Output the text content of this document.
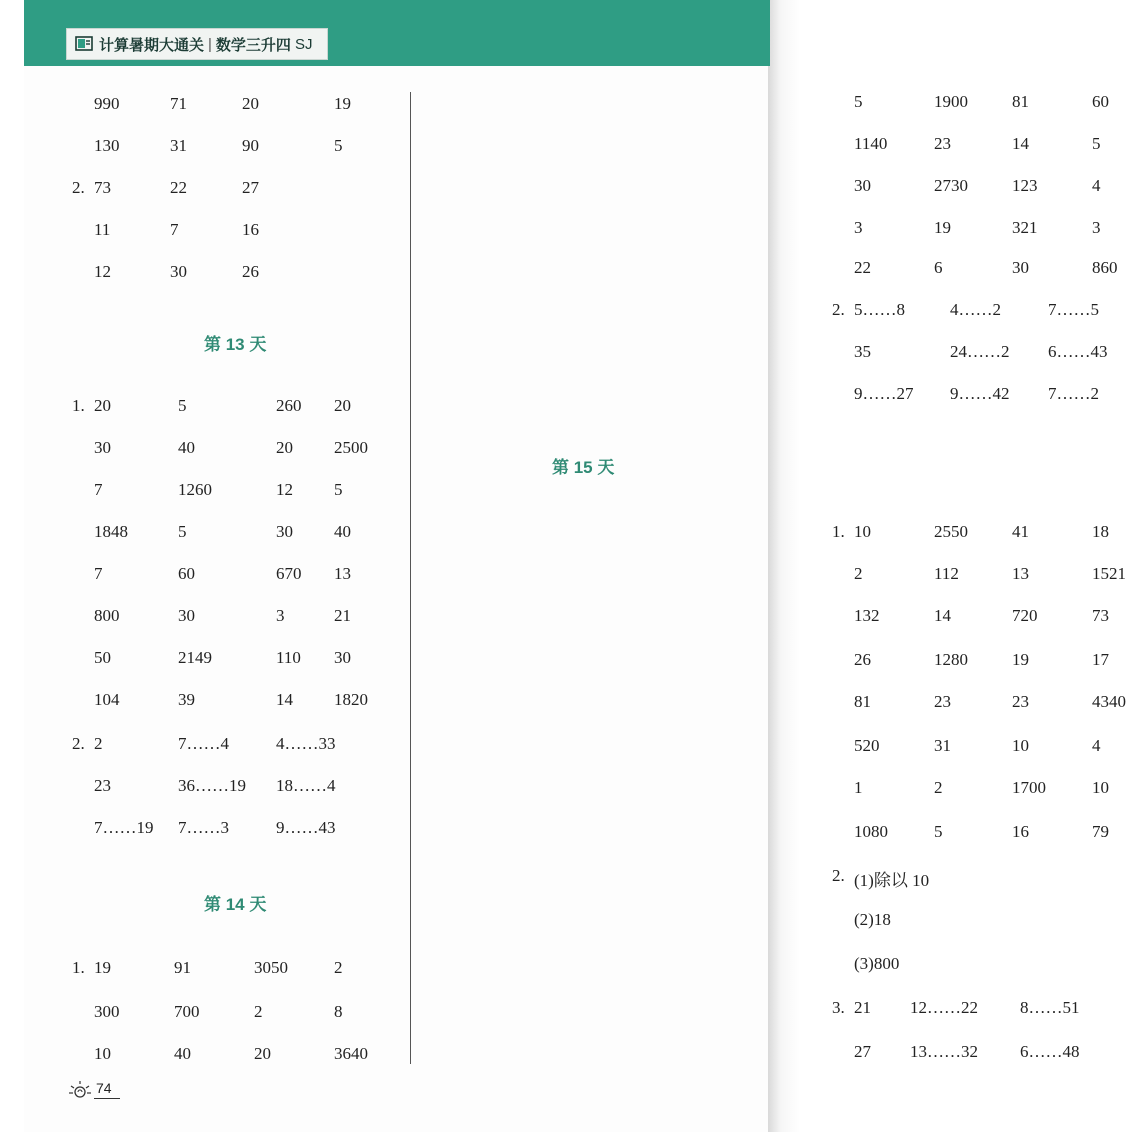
计算暑期大通关 | 数学三升四 SJ
第 13 天
第 14 天
990	71	20	19
130	31	90	5
2. 73	22	27
11	7	16
12	30	26
1. 20	5	260 20
30	40	20 2500
7	1260	12 5
1848	5	30 40
7	60	670 13
800	30	3	21
50	2149	110 30
104	39	14 1820
2. 2	7……4	4……33
23	36……19 18……4
7……19 7……3	9……43
1. 19	91	3050	2
300	700	2	8
10	40	20	3640
第 15 天
5	1900	81	60
1140	23	14	5
30	2730	123	4
3	19	321	3
22	6	30	860
2. 5……8	4……2	7……5
35	24……2 6……43
9……27 9……42 7……2
1. 10	2550	41	18
2	112	13	1521
132	14	720	73
26	1280	19	17
81	23	23	4340
520	31	10	4
1	2	1700	10
1080	5	16	79
2. (1)除以 10
(2)18
(3)800
3. 21 12……22 8……51
27 13……32 6……48
74
